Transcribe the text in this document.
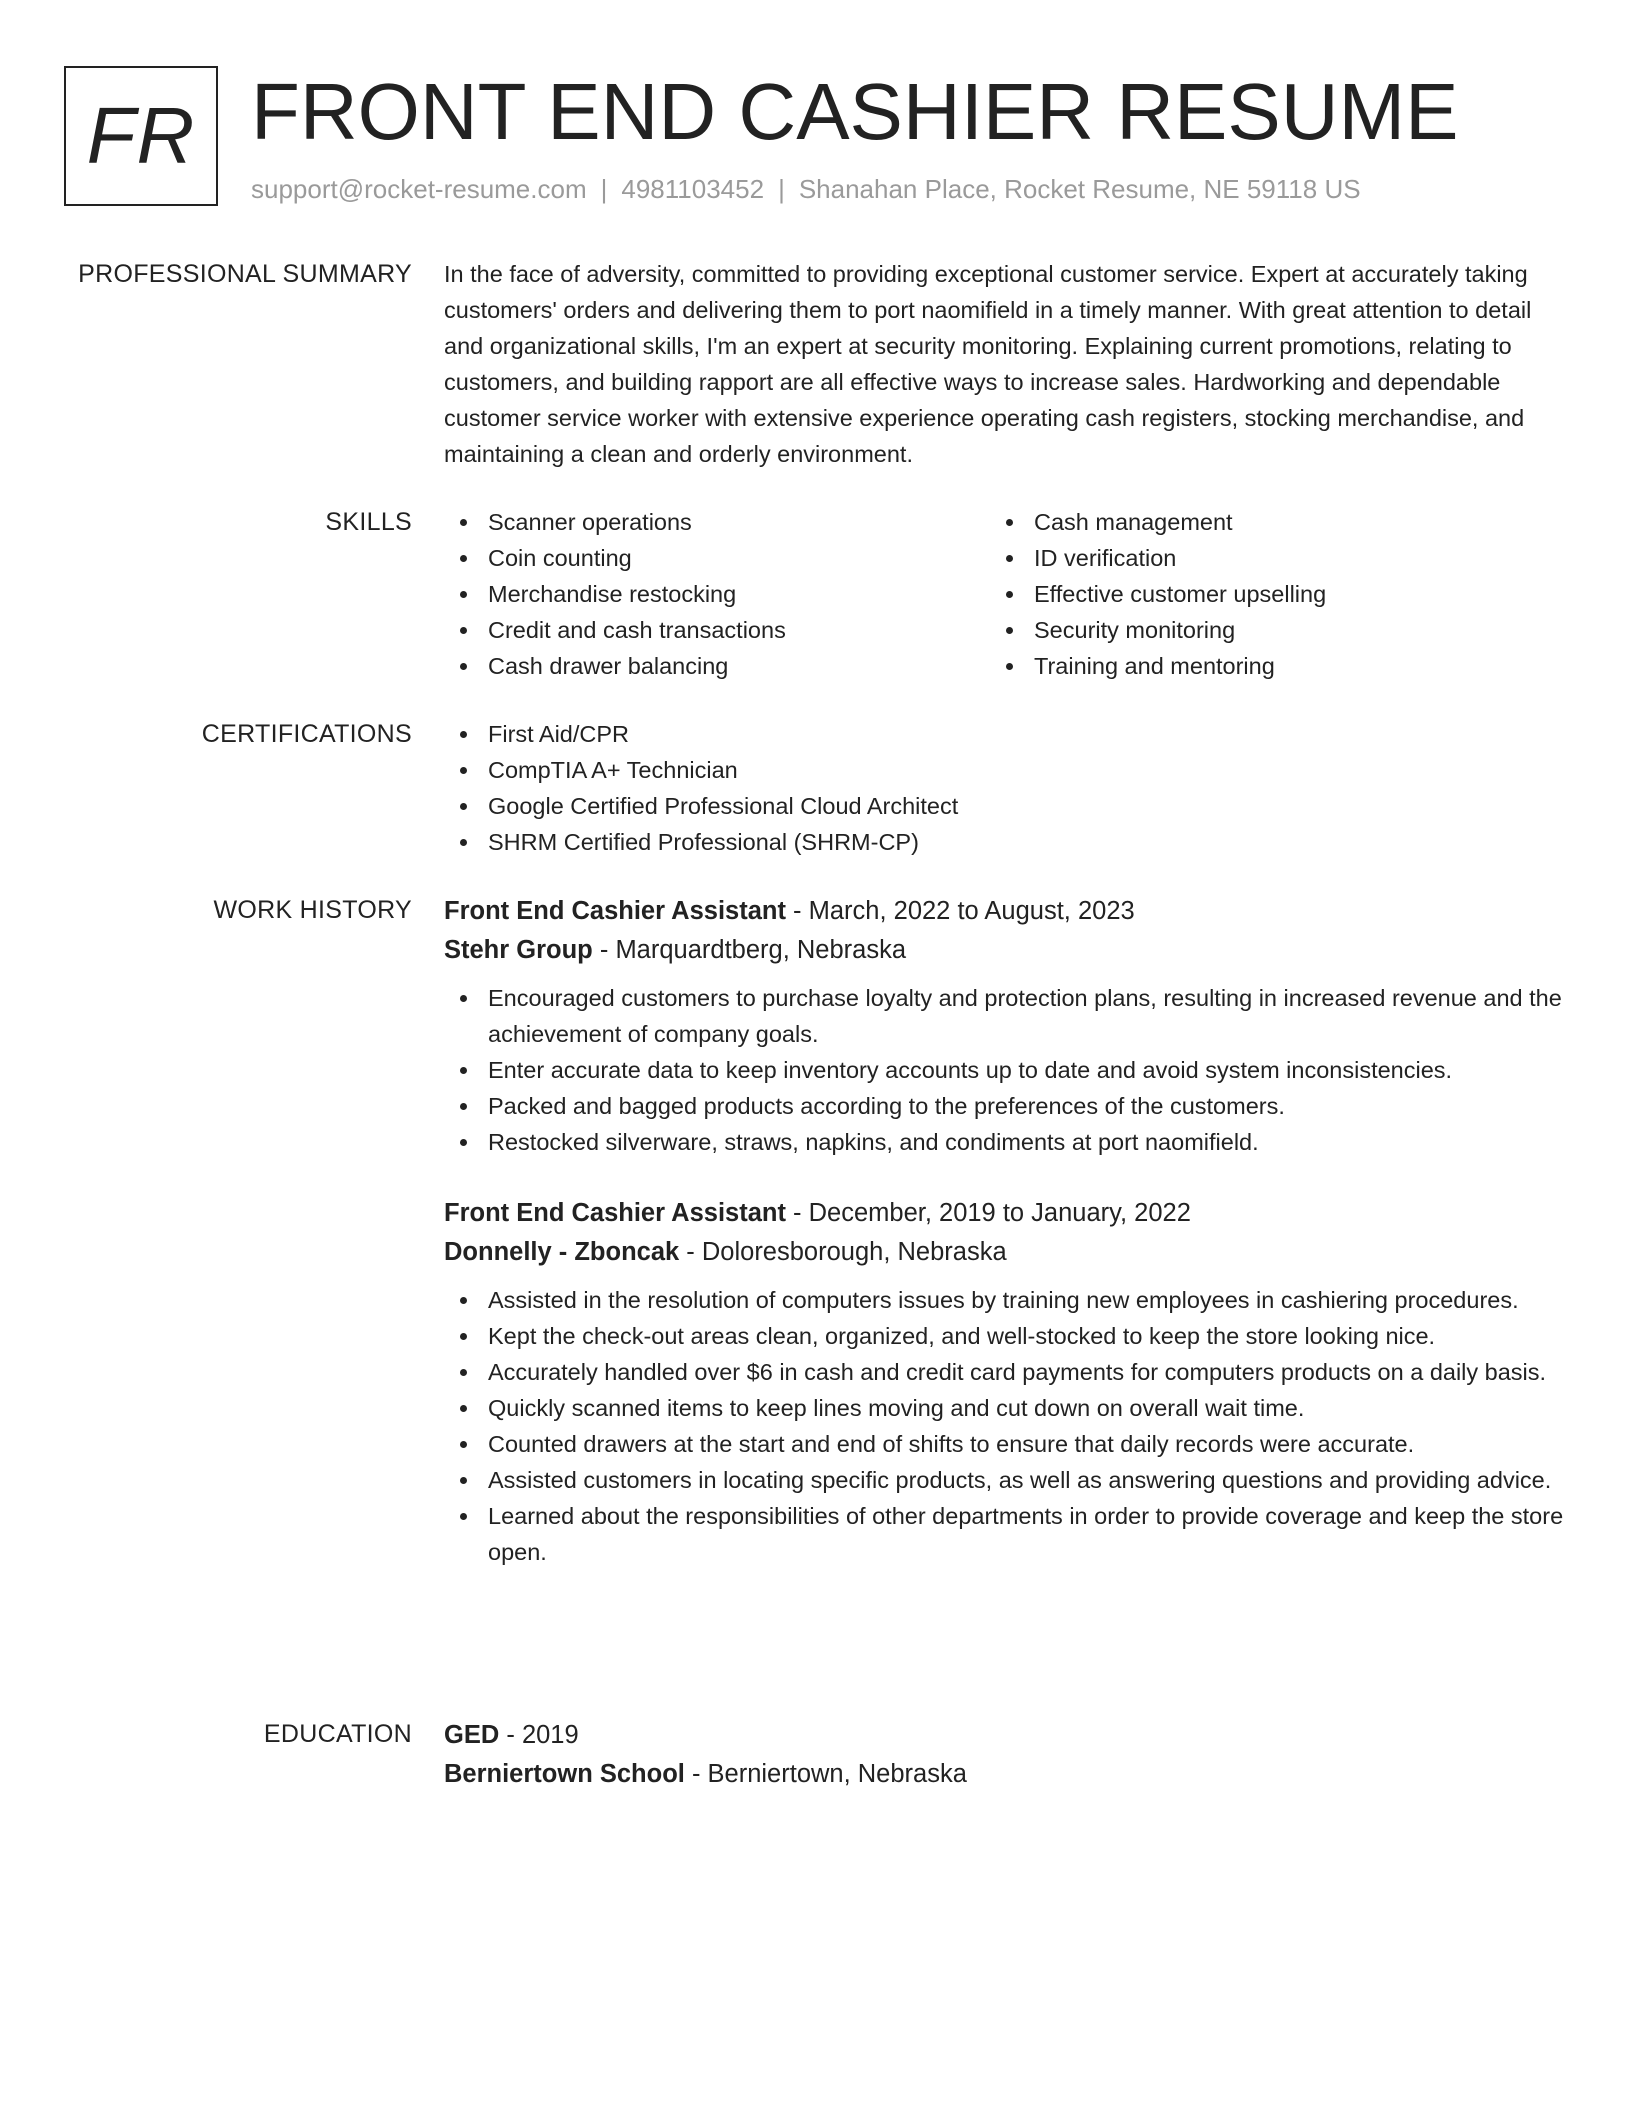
FR FRONT END CASHIER RESUME
support@rocket-resume.com | 4981103452 | Shanahan Place, Rocket Resume, NE 59118 US
PROFESSIONAL SUMMARY In the face of adversity, committed to providing exceptional customer service. Expert at accurately taking customers' orders and delivering them to port naomifield in a timely manner. With great attention to detail and organizational skills, I'm an expert at security monitoring. Explaining current promotions, relating to customers, and building rapport are all effective ways to increase sales. Hardworking and dependable customer service worker with extensive experience operating cash registers, stocking merchandise, and maintaining a clean and orderly environment.
SKILLS	Scanner operations
Coin counting
Merchandise restocking
Credit and cash transactions
Cash drawer balancing
Cash management
ID verification
Effective customer upselling
Security monitoring
Training and mentoring
CERTIFICATIONS	First Aid/CPR
CompTIA A+ Technician
Google Certified Professional Cloud Architect
SHRM Certified Professional (SHRM-CP)
WORK HISTORY Front End Cashier Assistant - March, 2022 to August, 2023
Stehr Group - Marquardtberg, Nebraska
Encouraged customers to purchase loyalty and protection plans, resulting in increased revenue and the achievement of company goals.
Enter accurate data to keep inventory accounts up to date and avoid system inconsistencies.
Packed and bagged products according to the preferences of the customers.
Restocked silverware, straws, napkins, and condiments at port naomifield.
Front End Cashier Assistant - December, 2019 to January, 2022
Donnelly - Zboncak - Doloresborough, Nebraska
Assisted in the resolution of computers issues by training new employees in cashiering procedures.
Kept the check-out areas clean, organized, and well-stocked to keep the store looking nice.
Accurately handled over $6 in cash and credit card payments for computers products on a daily basis.
Quickly scanned items to keep lines moving and cut down on overall wait time.
Counted drawers at the start and end of shifts to ensure that daily records were accurate.
Assisted customers in locating specific products, as well as answering questions and providing advice.
Learned about the responsibilities of other departments in order to provide coverage and keep the store open.
EDUCATION GED - 2019
Berniertown School - Berniertown, Nebraska
